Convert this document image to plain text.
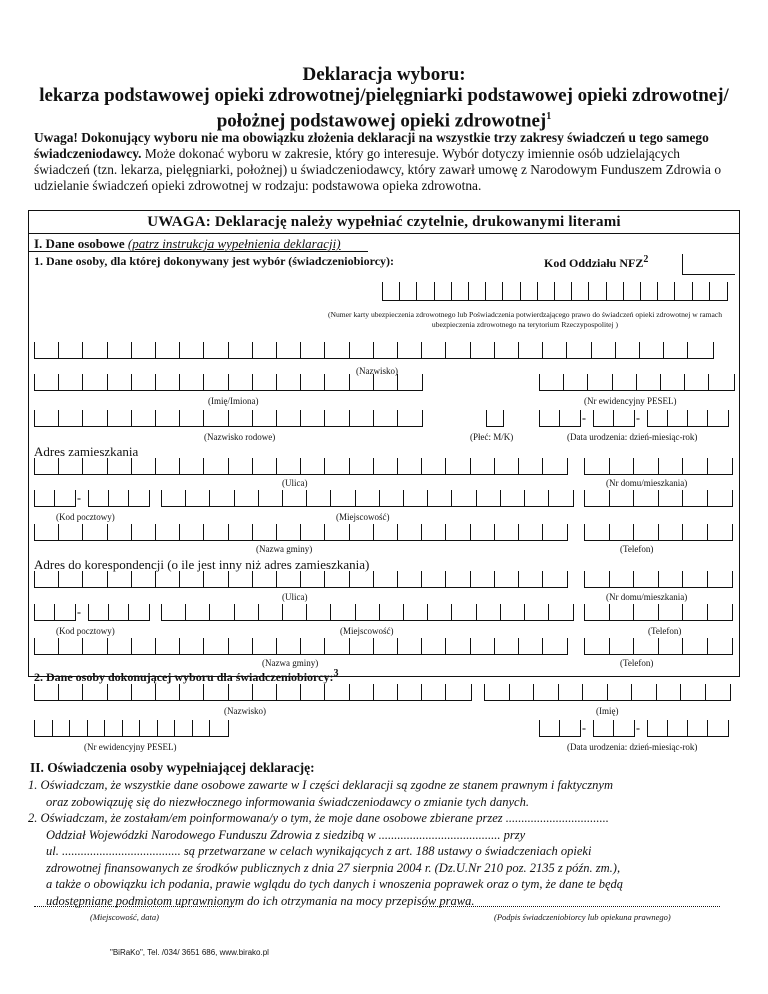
Deklaracja wyboru:
lekarza podstawowej opieki zdrowotnej/pielęgniarki podstawowej opieki zdrowotnej/
położnej podstawowej opieki zdrowotnej$^1$
Uwaga! Dokonujący wyboru nie ma obowiązku złożenia deklaracji na wszystkie trzy zakresy świadczeń u tego samego świadczeniodawcy. Może dokonać wyboru w zakresie, który go interesuje. Wybór dotyczy imiennie osób udzielających świadczeń (tzn. lekarza, pielęgniarki, położnej) u świadczeniodawcy, który zawarł umowę z Narodowym Funduszem Zdrowia o udzielanie świadczeń opieki zdrowotnej w rodzaju: podstawowa opieka zdrowotna.
UWAGA: Deklarację należy wypełniać czytelnie, drukowanymi literami
I. Dane osobowe (patrz instrukcja wypełnienia deklaracji)
1. Dane osoby, dla której dokonywany jest wybór (świadczeniobiorcy):	Kod Oddziału NFZ$^2$
(Numer karty ubezpieczenia zdrowotnego lub Poświadczenia potwierdzającego prawo do świadczeń opieki zdrowotnej w ramach ubezpieczenia zdrowotnego na terytorium Rzeczypospolitej )
(Nazwisko)
(Imię/Imiona)	(Nr ewidencyjny PESEL)
-	-
(Nazwisko rodowe)	(Płeć: M/K)	(Data urodzenia: dzień-miesiąc-rok)
Adres zamieszkania
(Ulica)	(Nr domu/mieszkania)
-
(Kod pocztowy)	(Miejscowość)
(Nazwa gminy)	(Telefon)
Adres do korespondencji (o ile jest inny niż adres zamieszkania)
(Ulica)	(Nr domu/mieszkania)
-
(Kod pocztowy)	(Miejscowość)	(Telefon)
(Nazwa gminy)	(Telefon)
2. Dane osoby dokonującej wyboru dla świadczeniobiorcy:$^3$
(Nazwisko)	(Imię)
-	-
(Nr ewidencyjny PESEL)	(Data urodzenia: dzień-miesiąc-rok)
II. Oświadczenia osoby wypełniającej deklarację:
1. Oświadczam, że wszystkie dane osobowe zawarte w I części deklaracji są zgodne ze stanem prawnym i faktycznym
oraz zobowiązuję się do niezwłocznego informowania świadczeniodawcy o zmianie tych danych.
2. Oświadczam, że zostałam/em poinformowana/y o tym, że moje dane osobowe zbierane przez .................................
Oddział Wojewódzki Narodowego Funduszu Zdrowia z siedzibą w ....................................... przy
ul. ...................................... są przetwarzane w celach wynikających z art. 188 ustawy o świadczeniach opieki
zdrowotnej finansowanych ze środków publicznych z dnia 27 sierpnia 2004 r. (Dz.U.Nr 210 poz. 2135 z późn. zm.),
a także o obowiązku ich podania, prawie wglądu do tych danych i wnoszenia poprawek oraz o tym, że dane te będą
udostępniane podmiotom uprawnionym do ich otrzymania na mocy przepisów prawa.
(Miejscowość, data)	(Podpis świadczeniobiorcy lub opiekuna prawnego)
"BiRaKo", Tel. /034/ 3651 686, www.birako.pl
